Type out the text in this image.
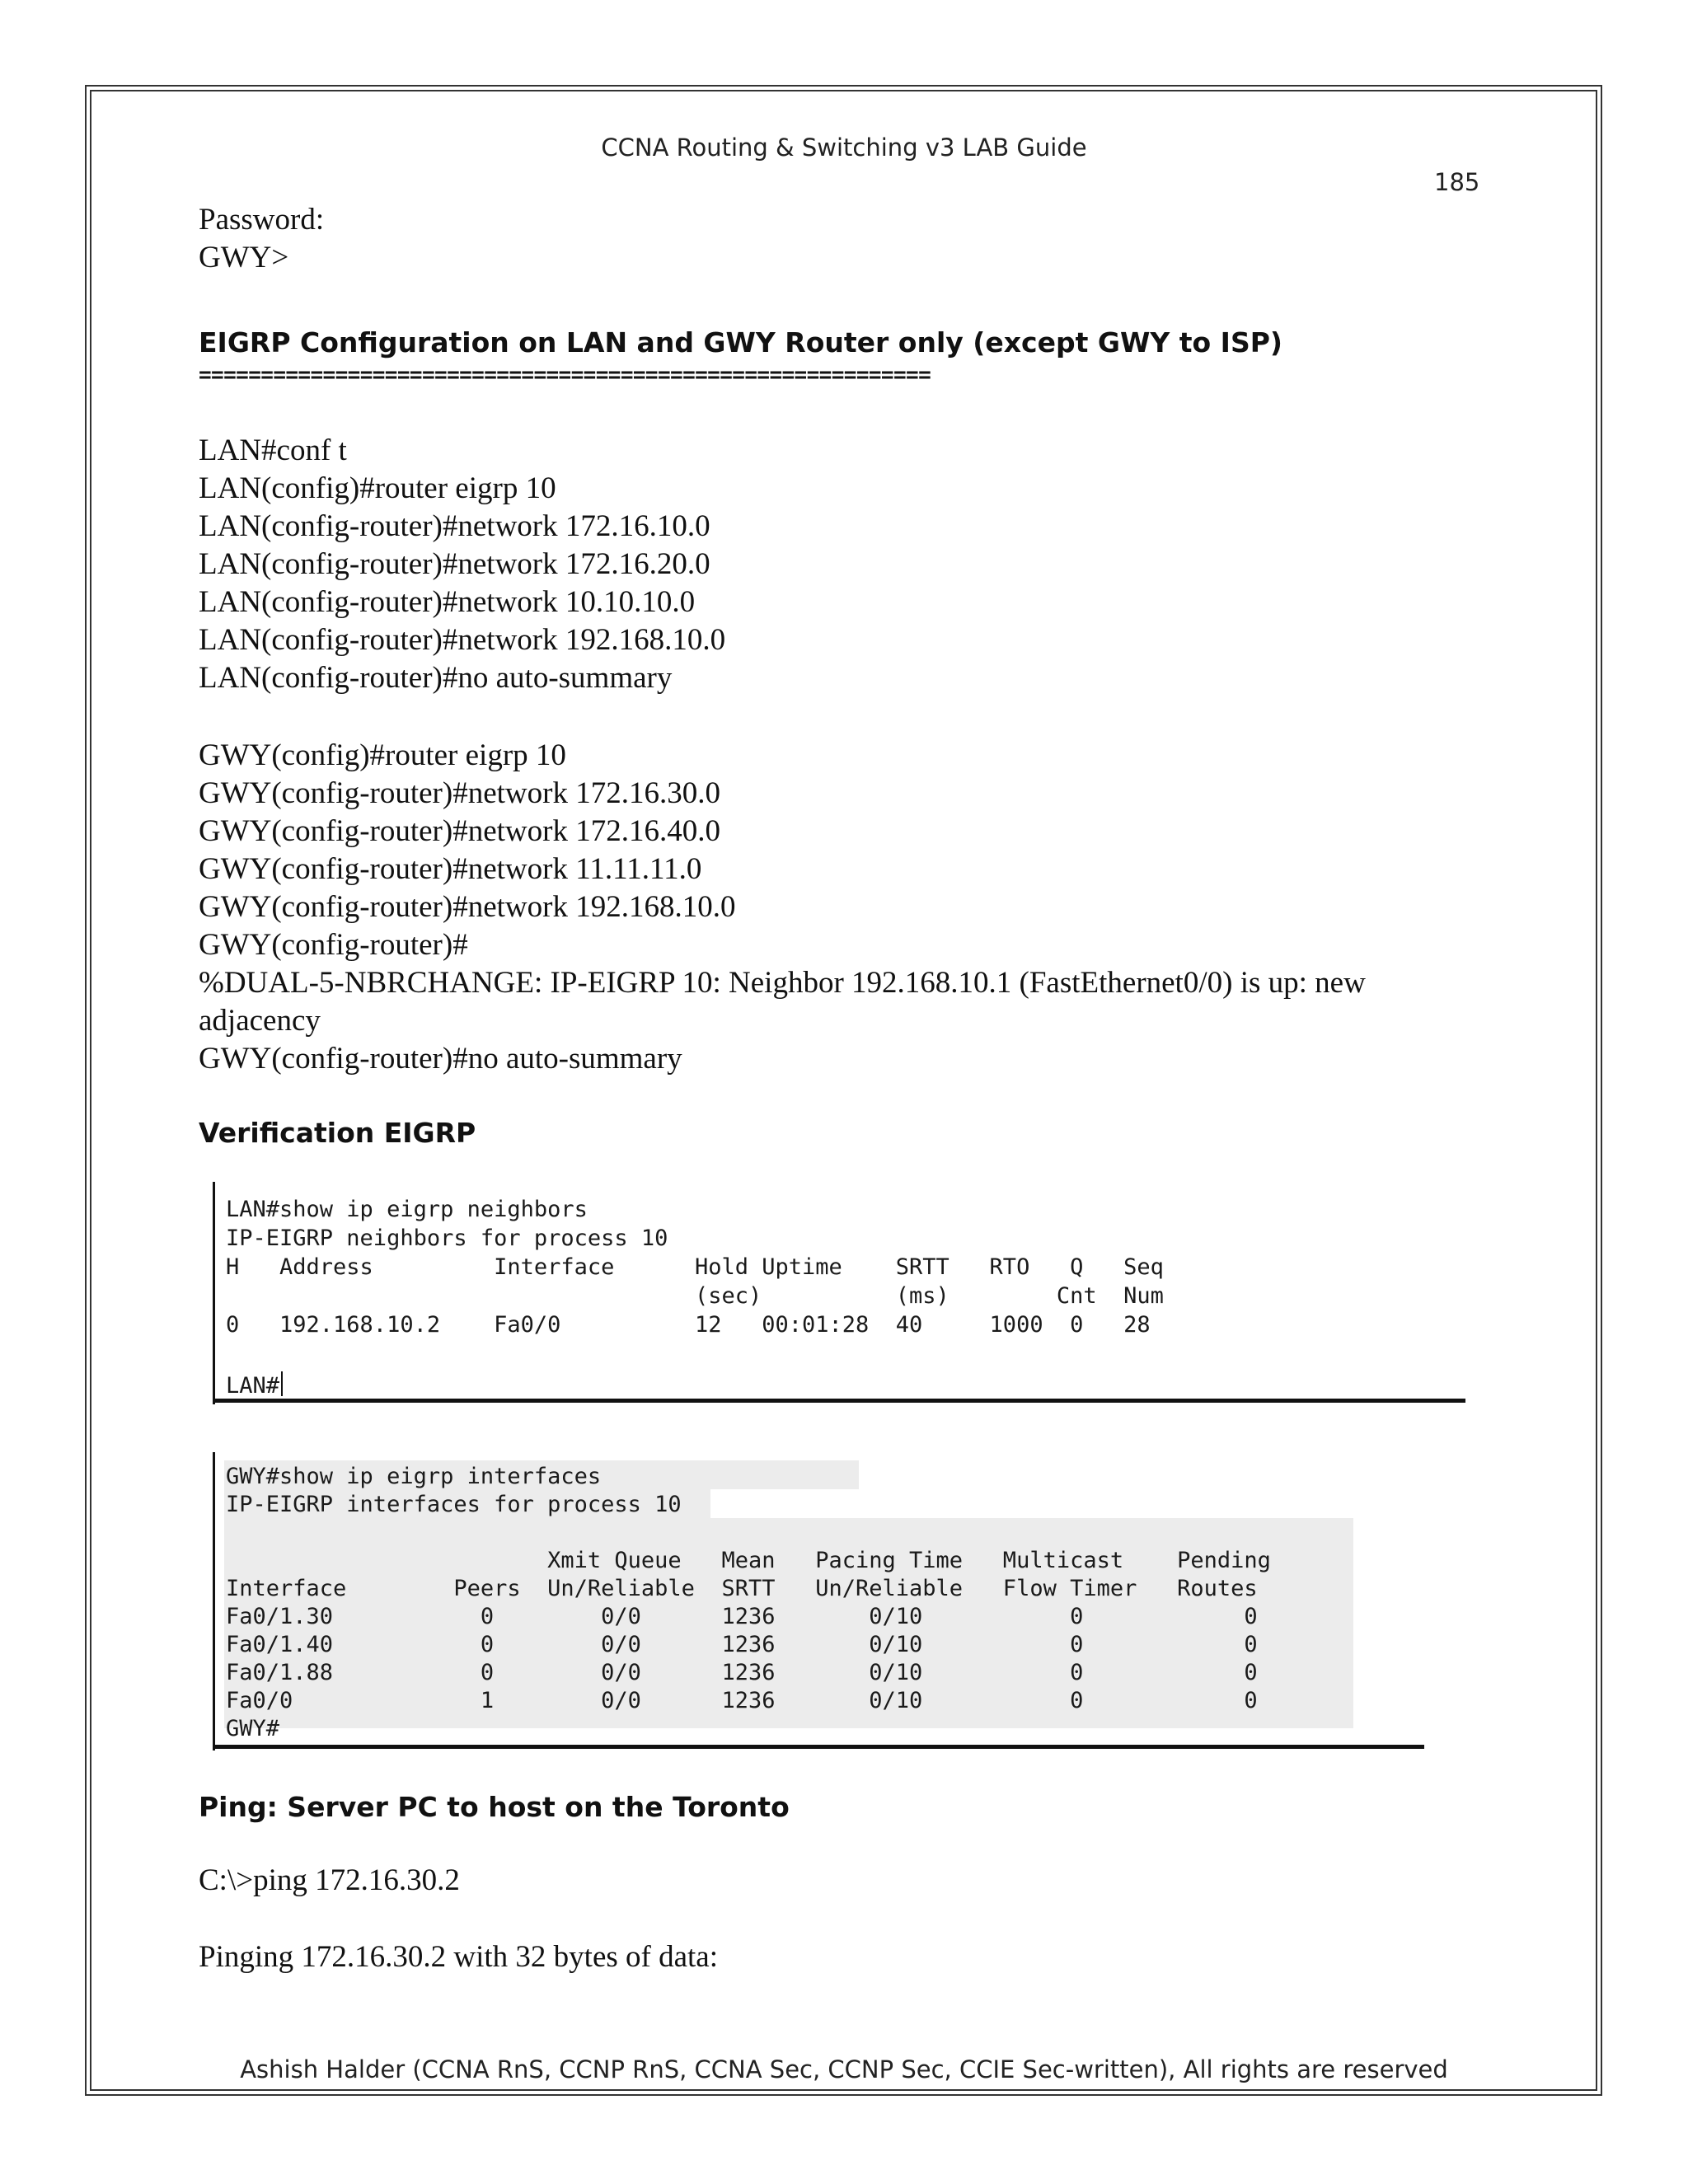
CCNA Routing & Switching v3 LAB Guide
185
Password:
GWY>
EIGRP Configuration on LAN and GWY Router only (except GWY to ISP)
===========================================================
LAN#conf t
LAN(config)#router eigrp 10
LAN(config-router)#network 172.16.10.0
LAN(config-router)#network 172.16.20.0
LAN(config-router)#network 10.10.10.0
LAN(config-router)#network 192.168.10.0
LAN(config-router)#no auto-summary
GWY(config)#router eigrp 10
GWY(config-router)#network 172.16.30.0
GWY(config-router)#network 172.16.40.0
GWY(config-router)#network 11.11.11.0
GWY(config-router)#network 192.168.10.0
GWY(config-router)#
%DUAL-5-NBRCHANGE: IP-EIGRP 10: Neighbor 192.168.10.1 (FastEthernet0/0) is up: new
adjacency
GWY(config-router)#no auto-summary
Verification EIGRP
LAN#show ip eigrp neighbors
IP-EIGRP neighbors for process 10
H   Address         Interface      Hold Uptime    SRTT   RTO   Q   Seq
(sec)          (ms)        Cnt  Num
0   192.168.10.2    Fa0/0          12   00:01:28  40     1000  0   28
LAN#
GWY#show ip eigrp interfaces
IP-EIGRP interfaces for process 10
Xmit Queue   Mean   Pacing Time   Multicast    Pending
Interface        Peers  Un/Reliable  SRTT   Un/Reliable   Flow Timer   Routes
Fa0/1.30           0        0/0      1236       0/10           0            0
Fa0/1.40           0        0/0      1236       0/10           0            0
Fa0/1.88           0        0/0      1236       0/10           0            0
Fa0/0              1        0/0      1236       0/10           0            0
GWY#
Ping: Server PC to host on the Toronto
C:\>ping 172.16.30.2
Pinging 172.16.30.2 with 32 bytes of data:
Ashish Halder (CCNA RnS, CCNP RnS, CCNA Sec, CCNP Sec, CCIE Sec-written), All rights are reserved
